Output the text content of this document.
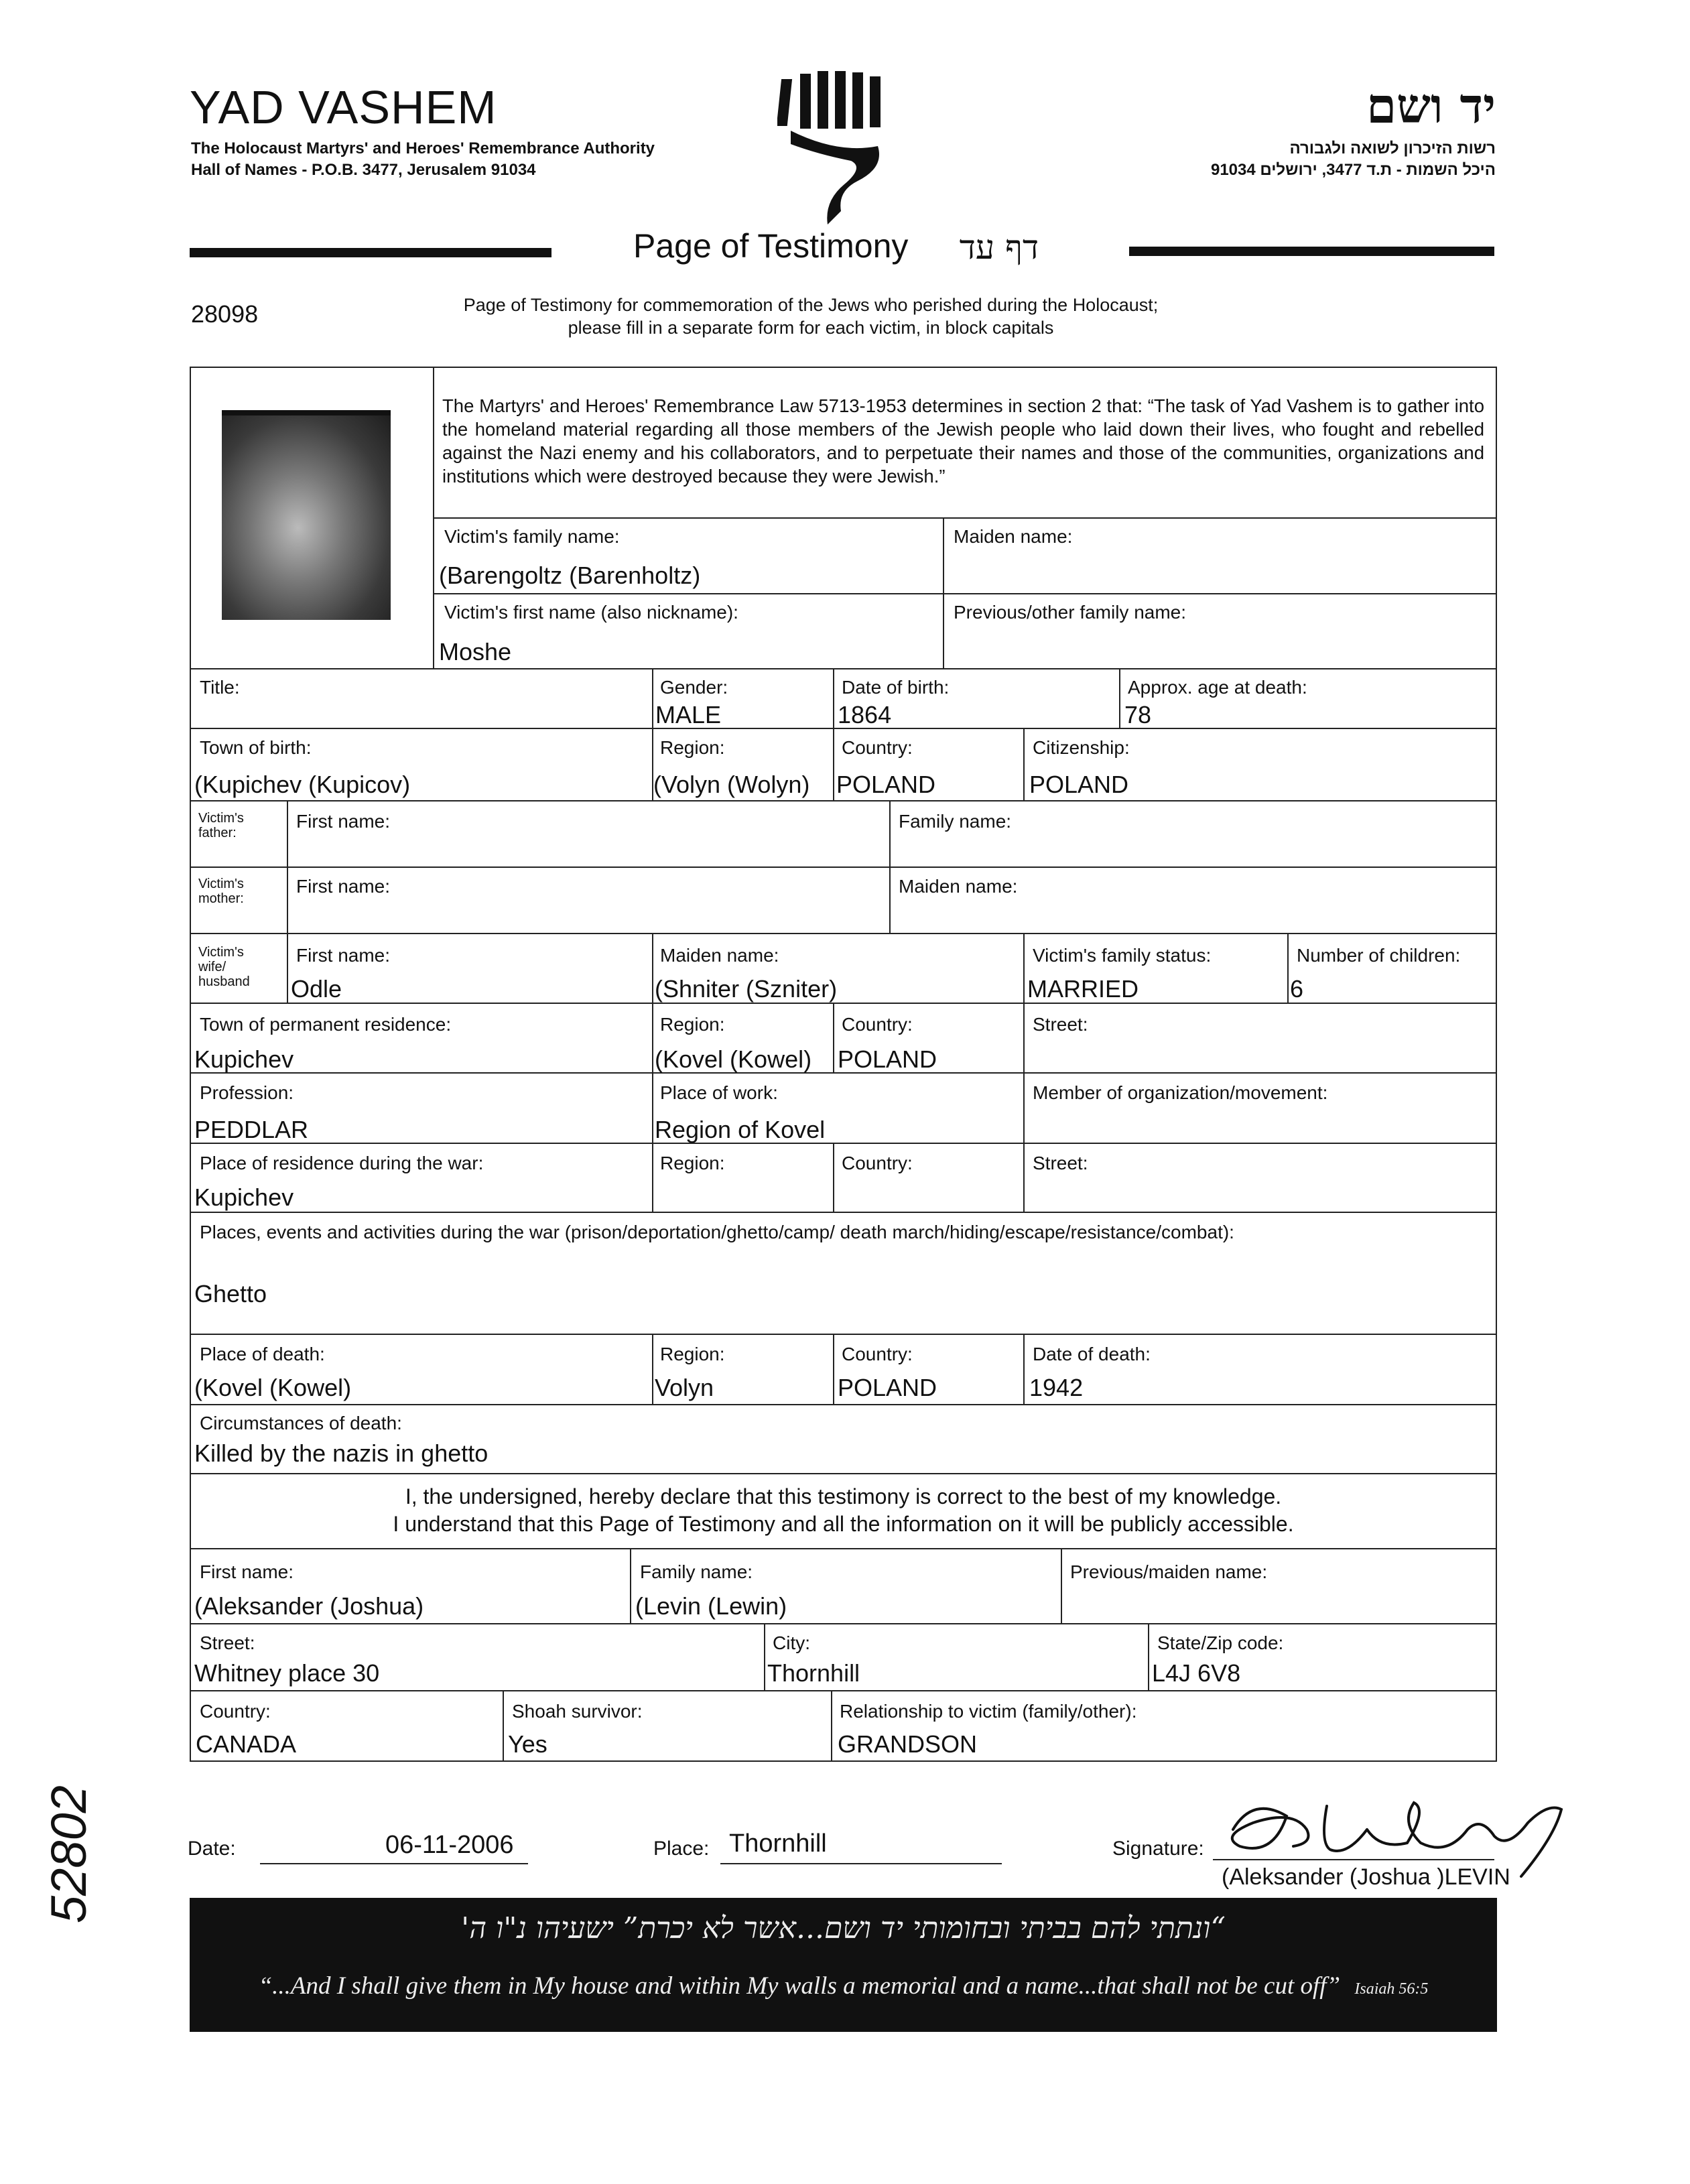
YAD VASHEM
The Holocaust Martyrs' and Heroes' Remembrance Authority
Hall of Names - P.O.B. 3477, Jerusalem 91034
יד ושם
רשות הזיכרון לשואה ולגבורה
היכל השמות - ת.ד 3477, ירושלים 91034
Page of Testimony דף עד
28098	Page of Testimony for commemoration of the Jews who perished during the Holocaust;
please fill in a separate form for each victim, in block capitals
The Martyrs' and Heroes' Remembrance Law 5713-1953 determines in section 2 that: “The task of Yad Vashem is to gather into the homeland material regarding all those members of the Jewish people who laid down their lives, who fought and rebelled against the Nazi enemy and his collaborators, and to perpetuate their names and those of the communities, organizations and institutions which were destroyed because they were Jewish.”
Victim's family name:
(Barengoltz (Barenholtz)
Maiden name:
Victim's first name (also nickname):
Moshe
Previous/other family name:
Title:	Gender:
MALE
Date of birth:
1864
Approx. age at death:
78
Town of birth:
(Kupichev (Kupicov)
Region:
(Volyn (Wolyn)
Country:
POLAND
Citizenship:
POLAND
Victim's father:
First name:	Family name:
Victim's mother:
First name:	Maiden name:
Victim's wife/ husband
First name:
Odle
Maiden name:
(Shniter (Szniter)
Victim's family status:
MARRIED
Number of children:
6
Town of permanent residence:
Kupichev
Region:
(Kovel (Kowel)
Country:
POLAND
Street:
Profession:
PEDDLAR
Place of work:
Region of Kovel
Member of organization/movement:
Place of residence during the war:
Kupichev
Region:	Country:	Street:
Places, events and activities during the war (prison/deportation/ghetto/camp/ death march/hiding/escape/resistance/combat):
Ghetto
Place of death:
(Kovel (Kowel)
Region:
Volyn
Country:
POLAND
Date of death:
1942
Circumstances of death:
Killed by the nazis in ghetto
I, the undersigned, hereby declare that this testimony is correct to the best of my knowledge.
I understand that this Page of Testimony and all the information on it will be publicly accessible.
First name:
(Aleksander (Joshua)
Family name:
(Levin (Lewin)
Previous/maiden name:
Street:
Whitney place 30
City:
Thornhill
State/Zip code:
L4J 6V8
Country:
CANADA
Shoah survivor:
Yes
Relationship to victim (family/other):
GRANDSON
Date:	06-11-2006	Place: Thornhill	Signature:
(Aleksander (Joshua )LEVIN
52802
“ונתתי להם בביתי ובחומותי יד ושם...אשר לא יכרת” ישעיהו נ"ו ה'
“...And I shall give them in My house and within My walls a memorial and a name...that shall not be cut off” Isaiah 56:5
